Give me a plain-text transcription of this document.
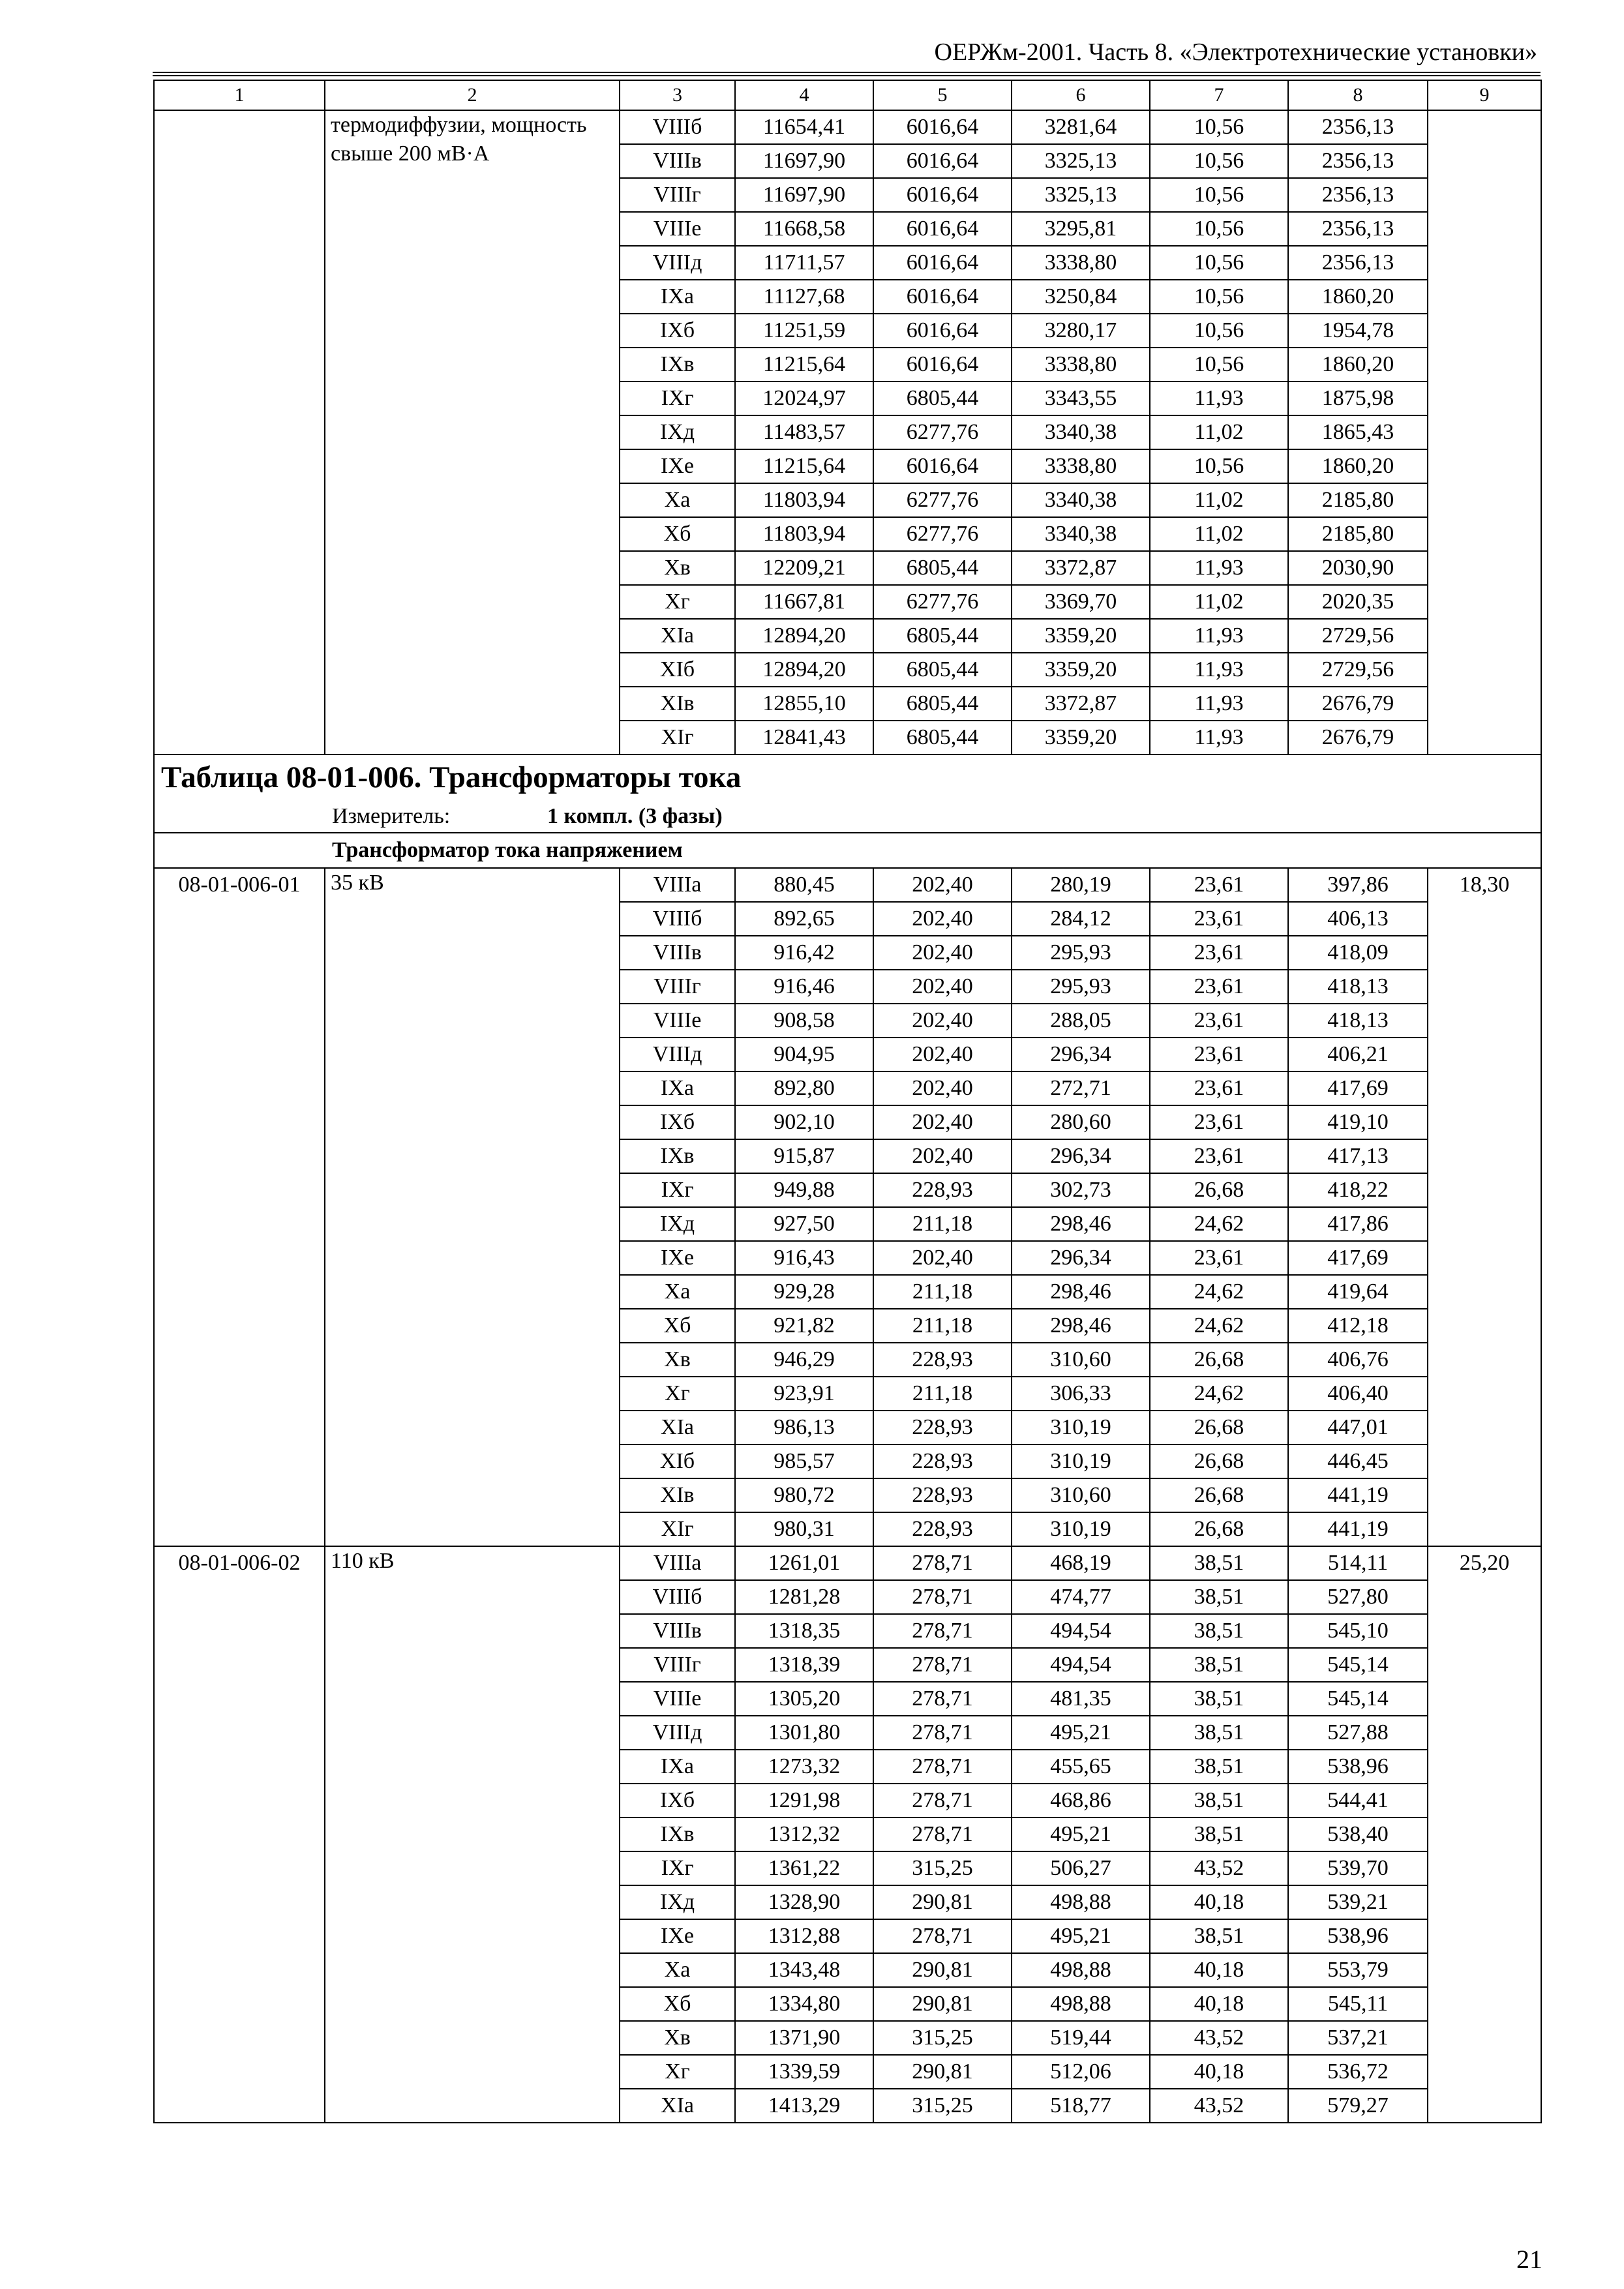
ОЕРЖм-2001. Часть 8. «Электротехнические установки»
1	2	3	4	5	6	7	8	9
	термодиффузии, мощность свыше 200 мВ·А	VIIIб	11654,41	6016,64	3281,64	10,56	2356,13	
		VIIIв	11697,90	6016,64	3325,13	10,56	2356,13	
		VIIIг	11697,90	6016,64	3325,13	10,56	2356,13	
		VIIIе	11668,58	6016,64	3295,81	10,56	2356,13	
		VIIIд	11711,57	6016,64	3338,80	10,56	2356,13	
		IXа	11127,68	6016,64	3250,84	10,56	1860,20	
		IXб	11251,59	6016,64	3280,17	10,56	1954,78	
		IXв	11215,64	6016,64	3338,80	10,56	1860,20	
		IXг	12024,97	6805,44	3343,55	11,93	1875,98	
		IXд	11483,57	6277,76	3340,38	11,02	1865,43	
		IXе	11215,64	6016,64	3338,80	10,56	1860,20	
		Xа	11803,94	6277,76	3340,38	11,02	2185,80	
		Xб	11803,94	6277,76	3340,38	11,02	2185,80	
		Xв	12209,21	6805,44	3372,87	11,93	2030,90	
		Xг	11667,81	6277,76	3369,70	11,02	2020,35	
		XIа	12894,20	6805,44	3359,20	11,93	2729,56	
		XIб	12894,20	6805,44	3359,20	11,93	2729,56	
		XIв	12855,10	6805,44	3372,87	11,93	2676,79	
		XIг	12841,43	6805,44	3359,20	11,93	2676,79	

Таблица 08-01-006. Трансформаторы тока
Измеритель: 1 компл. (3 фазы)								

Трансформатор тока напряжением								
08-01-006-01	35 кВ	VIIIа	880,45	202,40	280,19	23,61	397,86	18,30
		VIIIб	892,65	202,40	284,12	23,61	406,13	
		VIIIв	916,42	202,40	295,93	23,61	418,09	
		VIIIг	916,46	202,40	295,93	23,61	418,13	
		VIIIе	908,58	202,40	288,05	23,61	418,13	
		VIIIд	904,95	202,40	296,34	23,61	406,21	
		IXа	892,80	202,40	272,71	23,61	417,69	
		IXб	902,10	202,40	280,60	23,61	419,10	
		IXв	915,87	202,40	296,34	23,61	417,13	
		IXг	949,88	228,93	302,73	26,68	418,22	
		IXд	927,50	211,18	298,46	24,62	417,86	
		IXе	916,43	202,40	296,34	23,61	417,69	
		Xа	929,28	211,18	298,46	24,62	419,64	
		Xб	921,82	211,18	298,46	24,62	412,18	
		Xв	946,29	228,93	310,60	26,68	406,76	
		Xг	923,91	211,18	306,33	24,62	406,40	
		XIа	986,13	228,93	310,19	26,68	447,01	
		XIб	985,57	228,93	310,19	26,68	446,45	
		XIв	980,72	228,93	310,60	26,68	441,19	
		XIг	980,31	228,93	310,19	26,68	441,19	
08-01-006-02	110 кВ	VIIIа	1261,01	278,71	468,19	38,51	514,11	25,20
		VIIIб	1281,28	278,71	474,77	38,51	527,80	
		VIIIв	1318,35	278,71	494,54	38,51	545,10	
		VIIIг	1318,39	278,71	494,54	38,51	545,14	
		VIIIе	1305,20	278,71	481,35	38,51	545,14	
		VIIIд	1301,80	278,71	495,21	38,51	527,88	
		IXа	1273,32	278,71	455,65	38,51	538,96	
		IXб	1291,98	278,71	468,86	38,51	544,41	
		IXв	1312,32	278,71	495,21	38,51	538,40	
		IXг	1361,22	315,25	506,27	43,52	539,70	
		IXд	1328,90	290,81	498,88	40,18	539,21	
		IXе	1312,88	278,71	495,21	38,51	538,96	
		Xа	1343,48	290,81	498,88	40,18	553,79	
		Xб	1334,80	290,81	498,88	40,18	545,11	
		Xв	1371,90	315,25	519,44	43,52	537,21	
		Xг	1339,59	290,81	512,06	40,18	536,72	
		XIа	1413,29	315,25	518,77	43,52	579,27	
21
